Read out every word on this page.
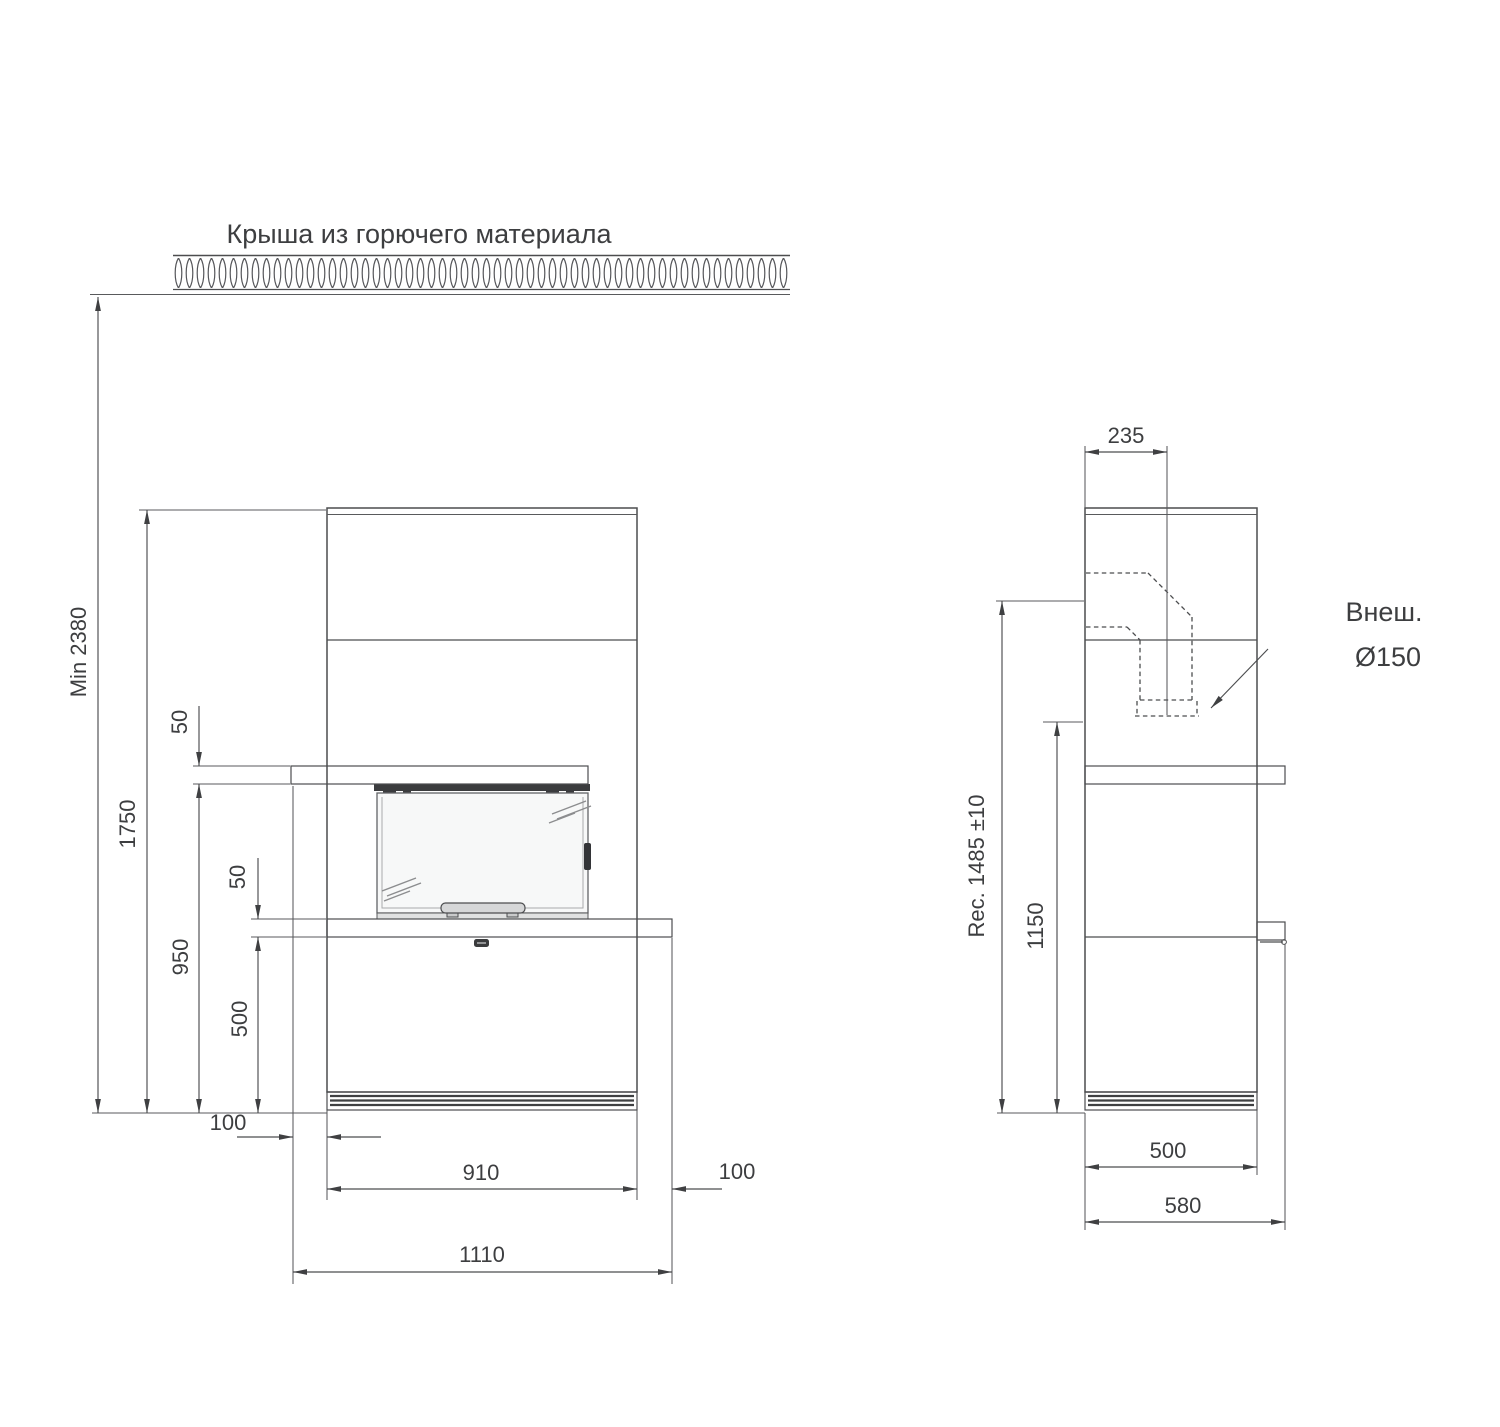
Крыша из горючего материала
Внеш.
Ø150
Min 2380
1750
50
950
50
500
100
910	100
1110
235
Rec. 1485 ±10 1150
500
580
